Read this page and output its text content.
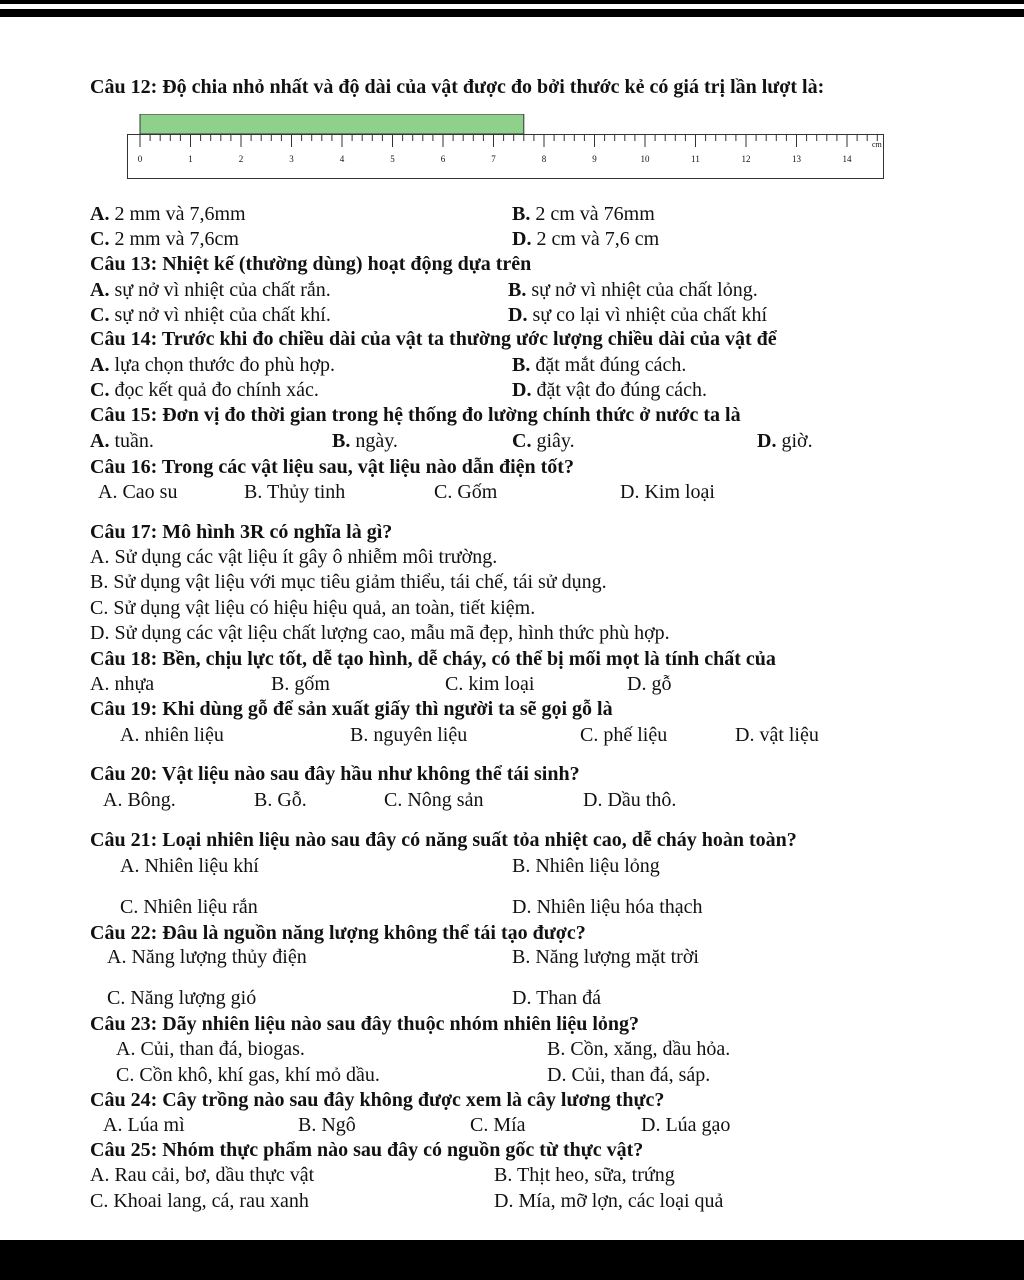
Câu 12: Độ chia nhỏ nhất và độ dài của vật được đo bởi thước kẻ có giá trị lần lượt là:
0	1	2	3	4	5	6	7	8	9	10	11	12	13	14
cm
A. 2 mm và 7,6mm	B. 2 cm và 76mm
C. 2 mm và 7,6cm	D. 2 cm và 7,6 cm
Câu 13: Nhiệt kế (thường dùng) hoạt động dựa trên
A. sự nở vì nhiệt của chất rắn.	B. sự nở vì nhiệt của chất lỏng.
C. sự nở vì nhiệt của chất khí.	D. sự co lại vì nhiệt của chất khí
Câu 14: Trước khi đo chiều dài của vật ta thường ước lượng chiều dài của vật để
A. lựa chọn thước đo phù hợp.	B. đặt mắt đúng cách.
C. đọc kết quả đo chính xác.	D. đặt vật đo đúng cách.
Câu 15: Đơn vị đo thời gian trong hệ thống đo lường chính thức ở nước ta là
A. tuần.	B. ngày.	C. giây.	D. giờ.
Câu 16: Trong các vật liệu sau, vật liệu nào dẫn điện tốt?
A. Cao su	B. Thủy tinh	C. Gốm	D. Kim loại
Câu 17: Mô hình 3R có nghĩa là gì?
A. Sử dụng các vật liệu ít gây ô nhiễm môi trường.
B. Sử dụng vật liệu với mục tiêu giảm thiểu, tái chế, tái sử dụng.
C. Sử dụng vật liệu có hiệu hiệu quả, an toàn, tiết kiệm.
D. Sử dụng các vật liệu chất lượng cao, mẫu mã đẹp, hình thức phù hợp.
Câu 18: Bền, chịu lực tốt, dễ tạo hình, dễ cháy, có thể bị mối mọt là tính chất của
A. nhựa	B. gốm	C. kim loại	D. gỗ
Câu 19: Khi dùng gỗ để sản xuất giấy thì người ta sẽ gọi gỗ là
A. nhiên liệu	B. nguyên liệu	C. phế liệu	D. vật liệu
Câu 20: Vật liệu nào sau đây hầu như không thể tái sinh?
A. Bông.	B. Gỗ.	C. Nông sản	D. Dầu thô.
Câu 21: Loại nhiên liệu nào sau đây có năng suất tỏa nhiệt cao, dễ cháy hoàn toàn?
A. Nhiên liệu khí	B. Nhiên liệu lỏng
C. Nhiên liệu rắn	D. Nhiên liệu hóa thạch
Câu 22: Đâu là nguồn năng lượng không thể tái tạo được?
A. Năng lượng thủy điện	B. Năng lượng mặt trời
C. Năng lượng gió	D. Than đá
Câu 23: Dãy nhiên liệu nào sau đây thuộc nhóm nhiên liệu lỏng?
A. Củi, than đá, biogas.	B. Cồn, xăng, dầu hỏa.
C. Cồn khô, khí gas, khí mỏ dầu.	D. Củi, than đá, sáp.
Câu 24: Cây trồng nào sau đây không được xem là cây lương thực?
A. Lúa mì	B. Ngô	C. Mía	D. Lúa gạo
Câu 25: Nhóm thực phẩm nào sau đây có nguồn gốc từ thực vật?
A. Rau cải, bơ, dầu thực vật	B. Thịt heo, sữa, trứng
C. Khoai lang, cá, rau xanh	D. Mía, mỡ lợn, các loại quả
